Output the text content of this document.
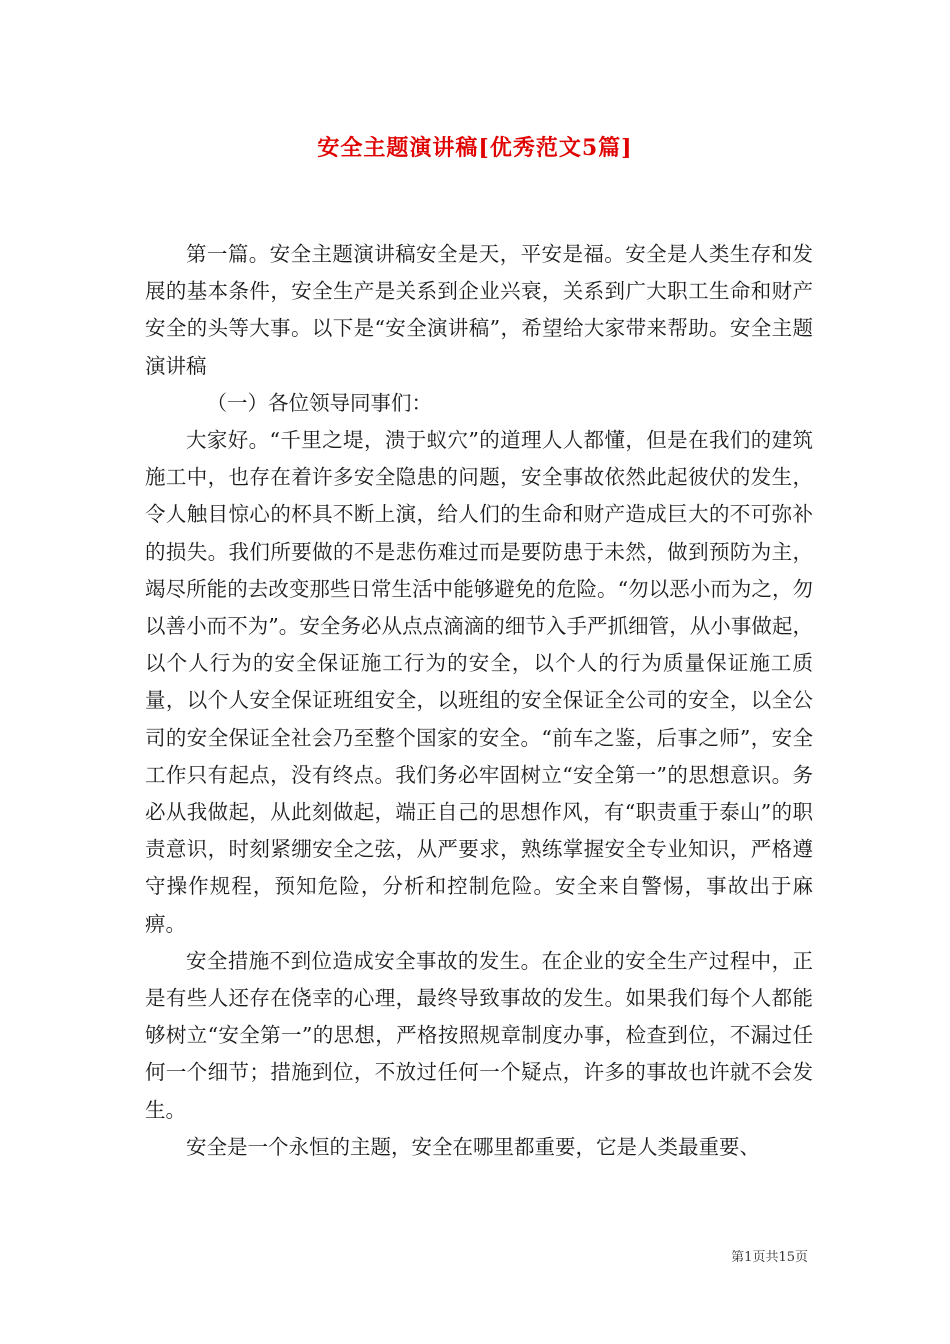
安全主题演讲稿[优秀范文5篇]

第一篇。安全主题演讲稿安全是天，平安是福。安全是人类生存和发展的基本条件，安全生产是关系到企业兴衰，关系到广大职工生命和财产安全的头等大事。以下是“安全演讲稿”，希望给大家带来帮助。安全主题演讲稿

（一）各位领导同事们：

大家好。“千里之堤，溃于蚁穴”的道理人人都懂，但是在我们的建筑施工中，也存在着许多安全隐患的问题，安全事故依然此起彼伏的发生，令人触目惊心的杯具不断上演，给人们的生命和财产造成巨大的不可弥补的损失。我们所要做的不是悲伤难过而是要防患于未然，做到预防为主，竭尽所能的去改变那些日常生活中能够避免的危险。“勿以恶小而为之，勿以善小而不为”。安全务必从点点滴滴的细节入手严抓细管，从小事做起，以个人行为的安全保证施工行为的安全，以个人的行为质量保证施工质量，以个人安全保证班组安全，以班组的安全保证全公司的安全，以全公司的安全保证全社会乃至整个国家的安全。“前车之鉴，后事之师”，安全工作只有起点，没有终点。我们务必牢固树立“安全第一”的思想意识。务必从我做起，从此刻做起，端正自己的思想作风，有“职责重于泰山”的职责意识，时刻紧绷安全之弦，从严要求，熟练掌握安全专业知识，严格遵守操作规程，预知危险，分析和控制危险。安全来自警惕，事故出于麻痹。

安全措施不到位造成安全事故的发生。在企业的安全生产过程中，正是有些人还存在侥幸的心理，最终导致事故的发生。如果我们每个人都能够树立“安全第一”的思想，严格按照规章制度办事，检查到位，不漏过任何一个细节；措施到位，不放过任何一个疑点，许多的事故也许就不会发生。

安全是一个永恒的主题，安全在哪里都重要，它是人类最重要、

第1页共15页
